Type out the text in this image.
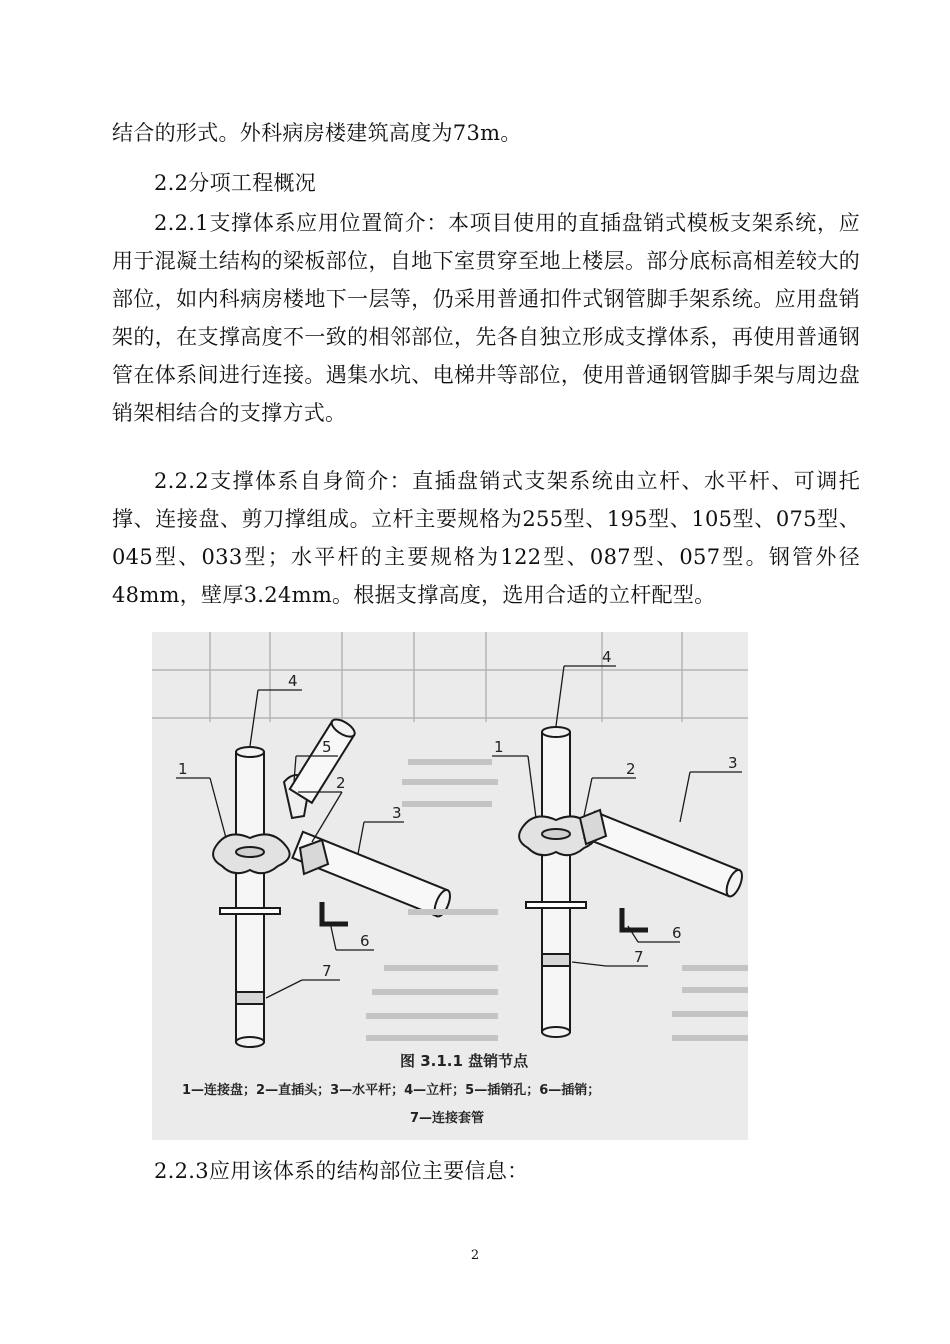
结合的形式。外科病房楼建筑高度为73m。

2.2分项工程概况

2.2.1支撑体系应用位置简介：本项目使用的直插盘销式模板支架系统，应用于混凝土结构的梁板部位，自地下室贯穿至地上楼层。部分底标高相差较大的部位，如内科病房楼地下一层等，仍采用普通扣件式钢管脚手架系统。应用盘销架的，在支撑高度不一致的相邻部位，先各自独立形成支撑体系，再使用普通钢管在体系间进行连接。遇集水坑、电梯井等部位，使用普通钢管脚手架与周边盘销架相结合的支撑方式。

2.2.2支撑体系自身简介：直插盘销式支架系统由立杆、水平杆、可调托撑、连接盘、剪刀撑组成。立杆主要规格为255型、195型、105型、075型、045型、033型；水平杆的主要规格为122型、087型、057型。钢管外径48mm，壁厚3.24mm。根据支撑高度，选用合适的立杆配型。

1
2
3
4
5
6
7
1
2	3
4
6
7
图 3.1.1 盘销节点
1—连接盘；2—直插头；3—水平杆；4—立杆；5—插销孔；6—插销；
7—连接套管

2.2.3应用该体系的结构部位主要信息：

2
